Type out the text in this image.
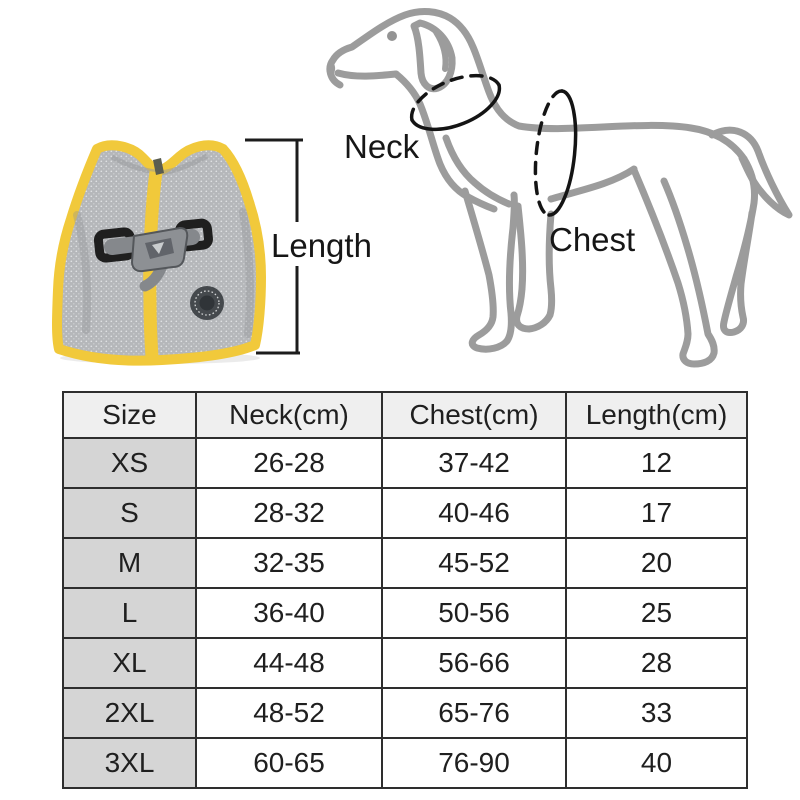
Length
Neck
Chest
Size	Neck(cm)	Chest(cm)	Length(cm)
XS	26-28	37-42	12
S	28-32	40-46	17
M	32-35	45-52	20
L	36-40	50-56	25
XL	44-48	56-66	28
2XL	48-52	65-76	33
3XL	60-65	76-90	40
